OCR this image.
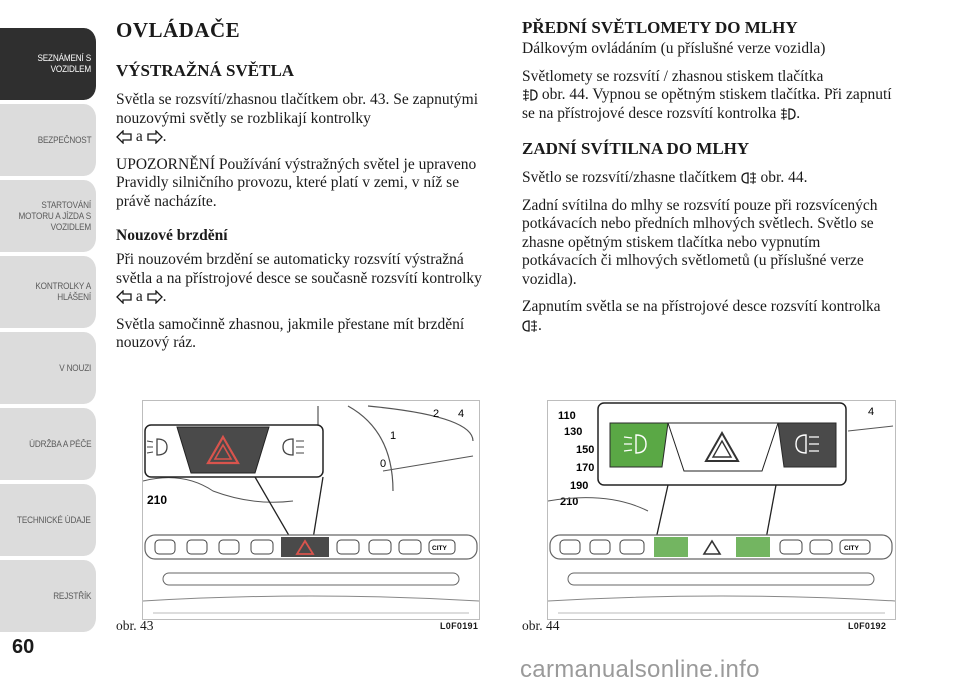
SEZNÁMENÍ S VOZIDLEM
BEZPEČNOST
STARTOVÁNÍ MOTORU A JÍZDA S VOZIDLEM
KONTROLKY A HLÁŠENÍ
V NOUZI
ÚDRŽBA A PÉČE
TECHNICKÉ ÚDAJE
REJSTŘÍK
60
OVLÁDAČE
VÝSTRAŽNÁ SVĚTLA

Světla se rozsvítí/zhasnou tlačítkem obr. 43. Se zapnutými nouzovými světly se rozblikají kontrolky
a .

UPOZORNĚNÍ Používání výstražných světel je upraveno Pravidly silničního provozu, které platí v zemi, v níž se právě nacházíte.

Nouzové brzdění

Při nouzovém brzdění se automaticky rozsvítí výstražná světla a na přístrojové desce se současně rozsvítí kontrolky  a .

Světla samočinně zhasnou, jakmile přestane mít brzdění nouzový ráz.

PŘEDNÍ SVĚTLOMETY DO MLHY

Dálkovým ovládáním (u příslušné verze vozidla)

Světlomety se rozsvítí / zhasnou stiskem tlačítka
obr. 44. Vypnou se opětným stiskem tlačítka. Při zapnutí se na přístrojové desce rozsvítí kontrolka .

ZADNÍ SVÍTILNA DO MLHY

Světlo se rozsvítí/zhasne tlačítkem obr. 44.

Zadní svítilna do mlhy se rozsvítí pouze při rozsvícených potkávacích nebo předních mlhových světlech. Světlo se zhasne opětným stiskem tlačítka nebo vypnutím potkávacích či mlhových světlometů (u příslušné verze vozidla).

Zapnutím světla se na přístrojové desce rozsvítí kontrolka .

2 4
1
0
210
CITY
obr. 43	L0F0191
110
130
150
170
190
210
4
CITY
obr. 44	L0F0192
carmanualsonline.info
